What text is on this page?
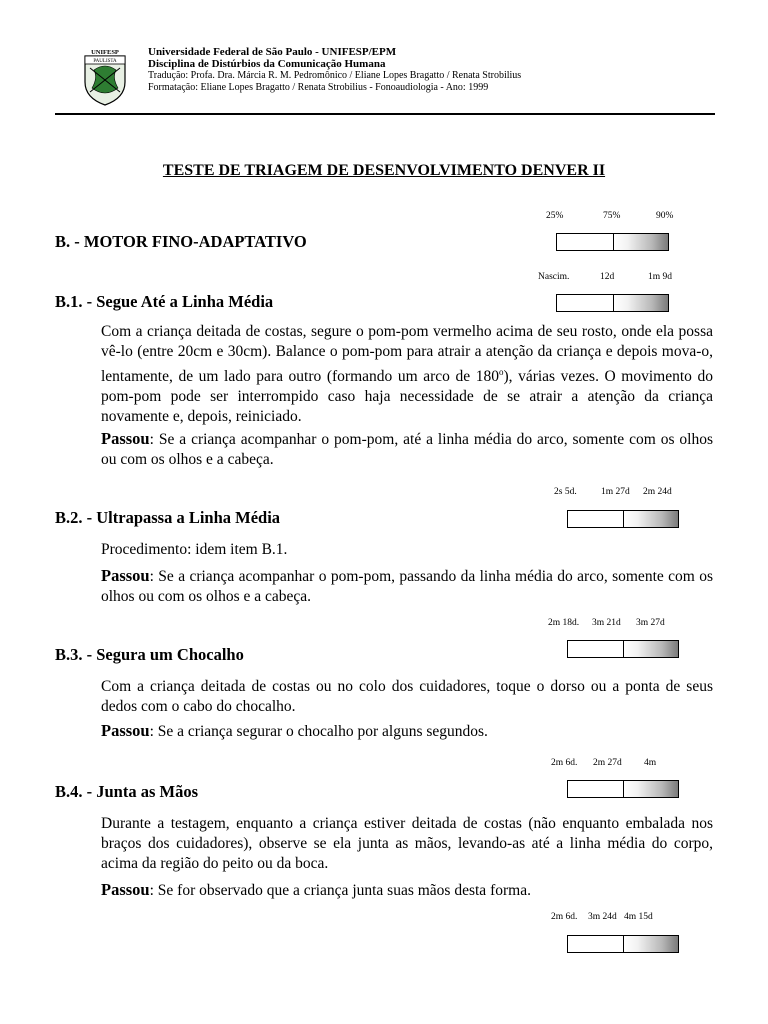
UNIFESP
PAULISTA
Universidade Federal de São Paulo - UNIFESP/EPM
Disciplina de Distúrbios da Comunicação Humana
Tradução: Profa. Dra. Márcia R. M. Pedromônico / Eliane Lopes Bragatto / Renata Strobilius
Formatação: Eliane Lopes Bragatto / Renata Strobilius - Fonoaudiologia - Ano: 1999
TESTE DE TRIAGEM DE DESENVOLVIMENTO DENVER II
25%	75%	90%
B. - MOTOR FINO-ADAPTATIVO
Nascim.	12d	1m 9d
B.1. - Segue Até a Linha Média
Com a criança deitada de costas, segure o pom-pom vermelho acima de seu rosto, onde ela possa vê-lo (entre 20cm e 30cm). Balance o pom-pom para atrair a atenção da criança e depois mova-o, lentamente, de um lado para outro (formando um arco de 180$^o$), várias vezes. O movimento do pom-pom pode ser interrompido caso haja necessidade de se atrair a atenção da criança novamente e, depois, reiniciado.
Passou: Se a criança acompanhar o pom-pom, até a linha média do arco, somente com os olhos ou com os olhos e a cabeça.
2s 5d.	1m 27d 2m 24d
B.2. - Ultrapassa a Linha Média
Procedimento: idem item B.1.
Passou: Se a criança acompanhar o pom-pom, passando da linha média do arco, somente com os olhos ou com os olhos e a cabeça.
2m 18d. 3m 21d 3m 27d
B.3. - Segura um Chocalho
Com a criança deitada de costas ou no colo dos cuidadores, toque o dorso ou a ponta de seus dedos com o cabo do chocalho.
Passou: Se a criança segurar o chocalho por alguns segundos.
2m 6d. 2m 27d 4m
B.4. - Junta as Mãos
Durante a testagem, enquanto a criança estiver deitada de costas (não enquanto embalada nos braços dos cuidadores), observe se ela junta as mãos, levando-as até a linha média do corpo, acima da região do peito ou da boca.
Passou: Se for observado que a criança junta suas mãos desta forma.
2m 6d. 3m 24d 4m 15d
